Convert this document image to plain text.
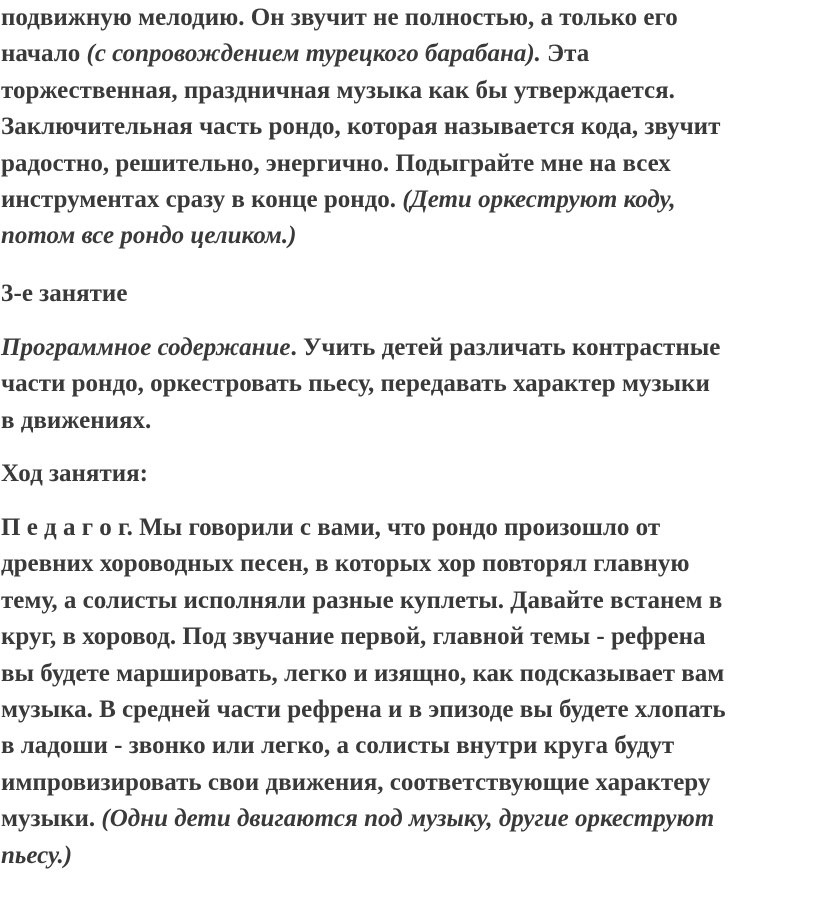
подвижную мелодию. Он звучит не полностью, а только его
начало (с сопровождением турецкого барабана). Эта
торжественная, праздничная музыка как бы утверждается.
Заключительная часть рондо, которая называется кода, звучит
радостно, решительно, энергично. Подыграйте мне на всех
инструментах сразу в конце рондо. (Дети оркеструют коду,
потом все рондо целиком.)
3-е занятие
Программное содержание. Учить детей различать контрастные
части рондо, оркестровать пьесу, передавать характер музыки
в движениях.
Ход занятия:
П е д а г о г. Мы говорили с вами, что рондо произошло от
древних хороводных песен, в которых хор повторял главную
тему, а солисты исполняли разные куплеты. Давайте встанем в
круг, в хоровод. Под звучание первой, главной темы - рефрена
вы будете маршировать, легко и изящно, как подсказывает вам
музыка. В средней части рефрена и в эпизоде вы будете хлопать
в ладоши - звонко или легко, а солисты внутри круга будут
импровизировать свои движения, соответствующие характеру
музыки. (Одни дети двигаются под музыку, другие оркеструют
пьесу.)
